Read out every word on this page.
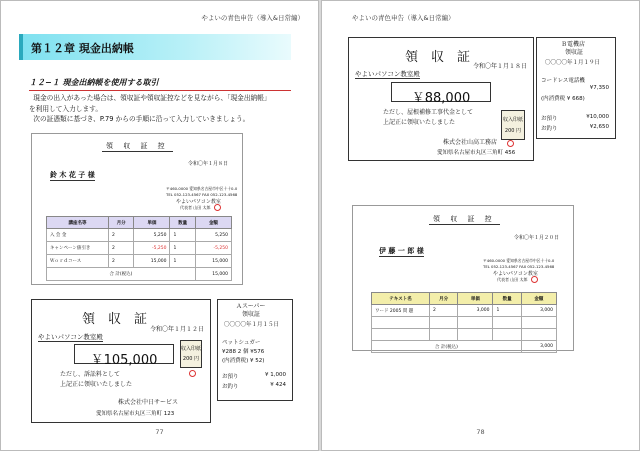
やよいの青色申告（導入&日常編）
第１２章 現金出納帳
１２−１ 現金出納帳を使用する取引
現金の出入があった場合は、領収証や領収証控などを見ながら、「現金出納帳」
を利用して入力します。
次の証憑類に基づき、P.79 からの手順に沿って入力していきましょう。
領 収 証 控
令和〇年１月８日
鈴 木 花 子 様
〒460-0000 愛知県名古屋市中区十十0-0
TEL 052-123-4567 FAX 052-123-4568
やよいパソコン教室
代表者 山田 太郎
講座名等	月分	単価	数量	金額
入 会 金	2	5,250	1	5,250
キャンペーン値引き	2	-5,250	1	-5,250
Ｗｏｒｄコース	2	15,000	1	15,000
合 計(税込)				15,000
領収証
令和〇年１月１２日
やよいパソコン教室殿
￥105,000
ただし、訴訟料として
上記正に領収いたしました
収入印紙
200 円
株式会社中日サービス
愛知県名古屋市丸区三角町 123
Ａスーパー
領収証
〇〇〇〇年１月１５日
ペットシュガー
¥288 2 個 ¥576
(内消費税) ¥ 52)
お預り	¥ 1,000
お釣り	¥ 424
77
やよいの青色申告（導入&日常編）
領収証
令和〇年１月１８日
やよいパソコン教室殿
￥88,000
ただし、屋根補修工事代金として
上記正に領収いたしました	収入印紙
200 円
株式会社山高工務店
愛知県名古屋市丸区三角町 456
Ｂ電機店
領収証
〇〇〇〇年１月１９日
コードレス電話機
¥7,350
(内消費税 ¥ 668)
お預り	¥10,000
お釣り	¥2,650
領 収 証 控
令和〇年１月２０日
伊 藤 一 郎 様
〒460-0000 愛知県名古屋市中区十十0-0
TEL 052-123-4567 FAX 052-123-4568
やよいパソコン教室
代表者 山田 太郎
テキスト名	月分	単価	数量	金額
ワード 2005 問 題	2	3,000	1	3,000

合 計(税込)				3,000
78
